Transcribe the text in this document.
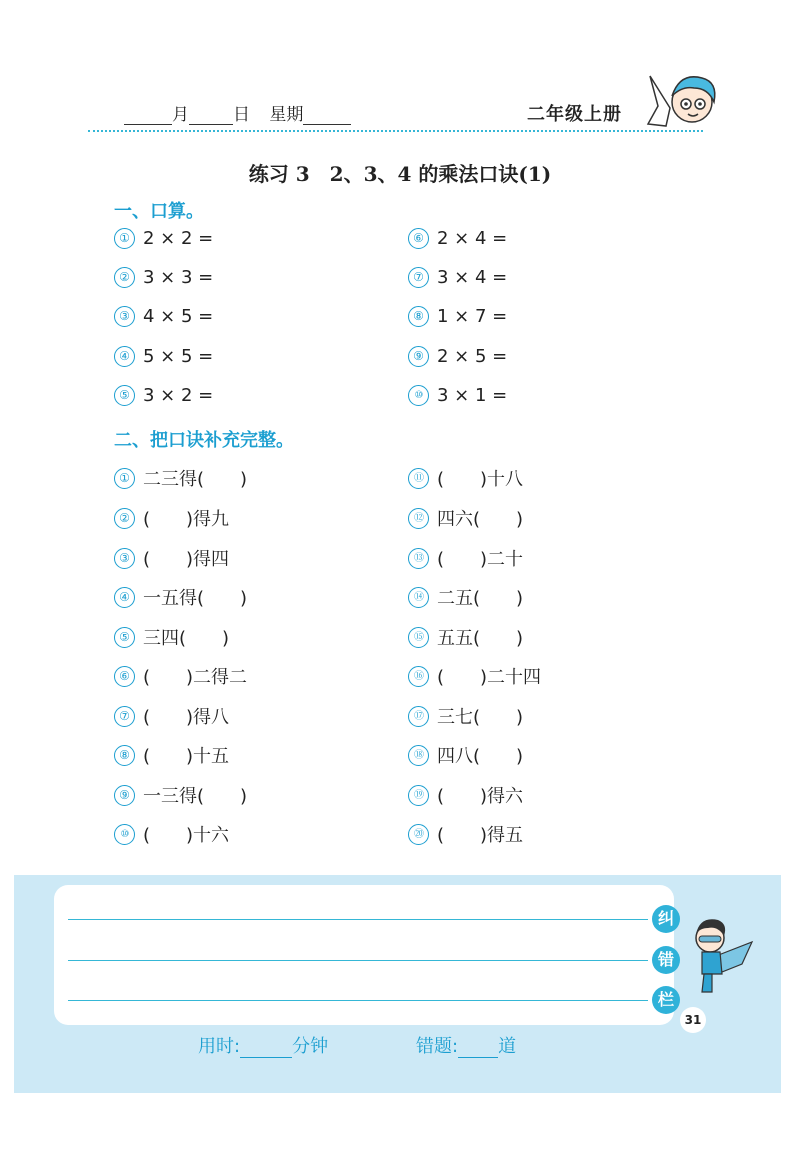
月	日 星期	二年级上册
练习 3　2、3、4 的乘法口诀(1)
一、口算。
① 2 × 2 =
② 3 × 3 =
③ 4 × 5 =
④ 5 × 5 =
⑤ 3 × 2 =
⑥ 2 × 4 =
⑦ 3 × 4 =
⑧ 1 × 7 =
⑨ 2 × 5 =
⑩ 3 × 1 =
二、把口诀补充完整。
① 二三得(　　)
② (　　)得九
③ (　　)得四
④ 一五得(　　)
⑤ 三四(　　)
⑥ (　　)二得二
⑦ (　　)得八
⑧ (　　)十五
⑨ 一三得(　　)
⑩ (　　)十六
⑪ (　　)十八
⑫ 四六(　　)
⑬ (　　)二十
⑭ 二五(　　)
⑮ 五五(　　)
⑯ (　　)二十四
⑰ 三七(　　)
⑱ 四八(　　)
⑲ (　　)得六
⑳ (　　)得五
纠
错
栏
31
用时:	分钟	错题: 道
